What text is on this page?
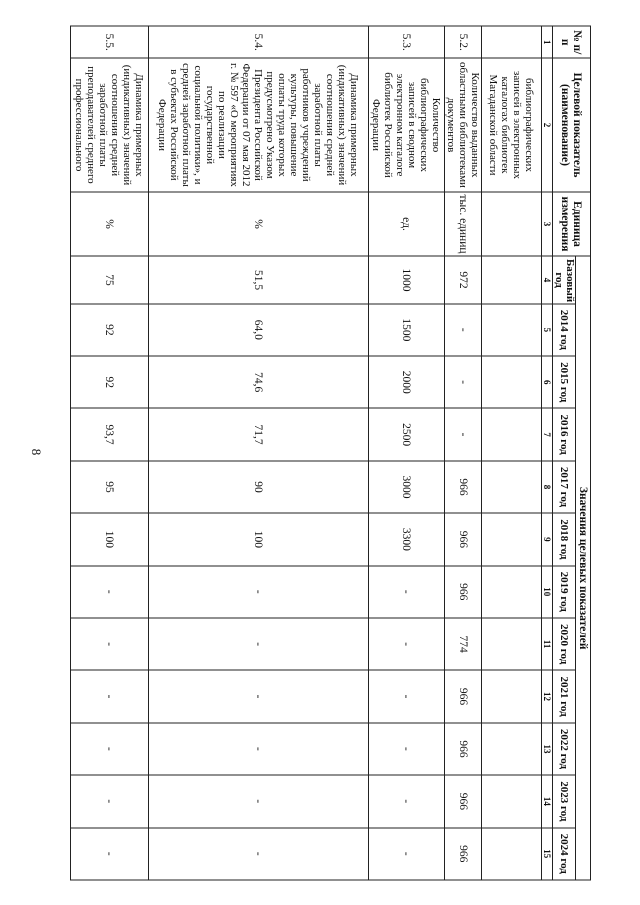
8
№ п/п	Целевой показатель (наименование)	Единица измерения	Значения целевых показателей											
			Базовый год	2014 год	2015 год	2016 год	2017 год	2018 год	2019 год	2020 год	2021 год	2022 год	2023 год	2024 год
1	2	3	4	5	6	7	8	9	10	11	12	13	14	15
	библиографических записей в электронных каталогах библиотек Магаданской области													
5.2.	Количество выданных областными библиотеками документов	тыс. единиц	972	-	-	-	966	966	966	774	966	966	966	966
5.3.	Количество библиографических записей в сводном электронном каталоге библиотек Российской Федерации	ед.	1000	1500	2000	2500	3000	3300	-	-	-	-	-	-
5.4.	Динамика примерных (индикативных) значений соотношения средней заработной платы работников учреждений культуры, повышение оплаты труда которых предусмотрено Указом Президента Российской Федерации от 07 мая 2012 г. № 597 «О мероприятиях по реализации государственной социальной политики», и средней заработной платы в субъектах Российской Федерации	%	51,5	64,0	74,6	71,7	90	100	-	-	-	-	-	-
5.5.	Динамика примерных (индикативных) значений соотношения средней заработной платы преподавателей среднего профессионального	%	75	92	92	93,7	95	100	-	-	-	-	-	-
